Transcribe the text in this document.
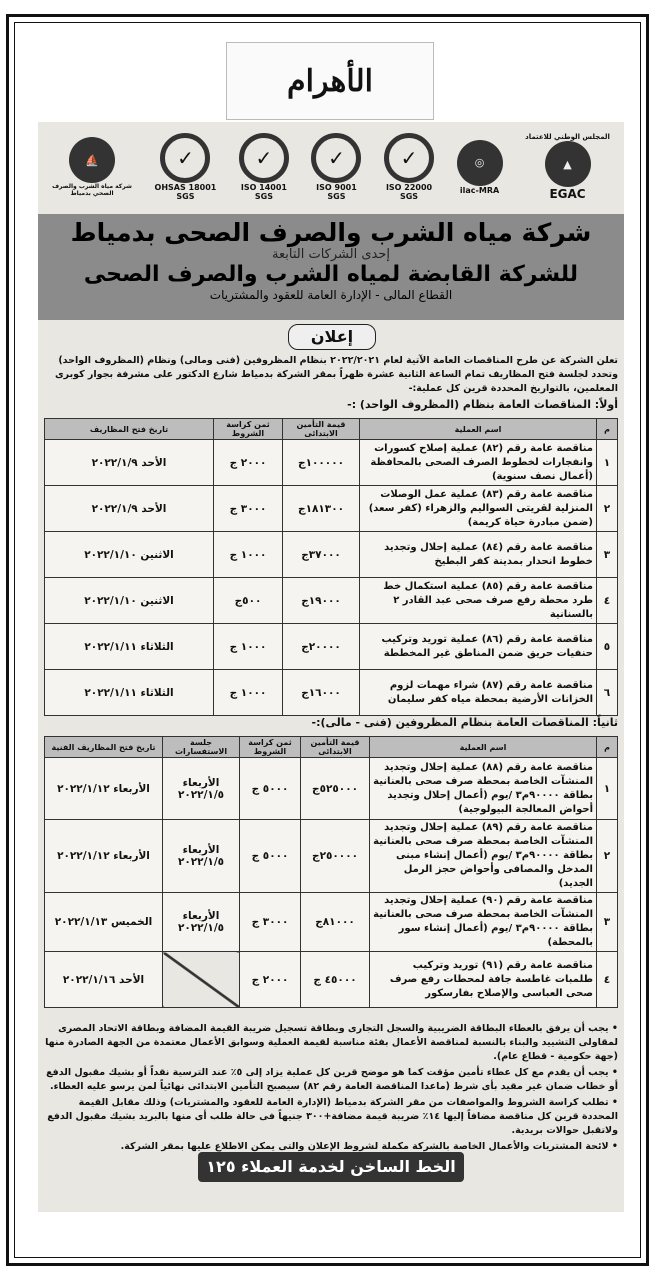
الأهرام
⛵
شركة مياه الشرب والصرف الصحي بدمياط
✓
OHSAS 18001
SGS
✓
ISO 14001
SGS
✓
ISO 9001
SGS
✓
ISO 22000
SGS
◎
ilac-MRA
المجلس الوطني للاعتماد
▲
EGAC
شركة مياه الشرب والصرف الصحى بدمياط
إحدى الشركات التابعة
للشركة القابضة لمياه الشرب والصرف الصحى
القطاع المالى - الإدارة العامة للعقود والمشتريات
إعلان
تعلن الشركة عن طرح المناقصات العامة الآتية لعام ٢٠٢٢/٢٠٢١ بنظام المظروفين (فنى ومالى) ونظام (المظروف الواحد) وتحدد لجلسة فتح المظاريف تمام الساعة الثانية عشرة ظهراً بمقر الشركة بدمياط شارع الدكتور على مشرفة بجوار كوبرى المعلمين، بالتواريخ المحددة قرين كل عملية:-
أولاً: المناقصات العامة بنظام (المظروف الواحد) :-
م	اسم العملية	قيمة التأمين الابتدائى	ثمن كراسة الشروط	تاريخ فتح المظاريف
١	مناقصة عامة رقم (٨٢) عملية إصلاح كسورات وانفجارات لخطوط الصرف الصحى بالمحافظة (أعمال نصف سنوية)	١٠٠٠٠٠ج	٢٠٠٠ ج	الأحد ٢٠٢٢/١/٩
٢	مناقصة عامة رقم (٨٣) عملية عمل الوصلات المنزلية لقريتى السواليم والزهراء (كفر سعد) (ضمن مبادرة حياة كريمة)	١٨١٣٠٠ج	٣٠٠٠ ج	الأحد ٢٠٢٢/١/٩
٣	مناقصة عامة رقم (٨٤) عملية إحلال وتجديد خطوط انحدار بمدينة كفر البطيخ	٣٧٠٠٠ج	١٠٠٠ ج	الاثنين ٢٠٢٢/١/١٠
٤	مناقصة عامة رقم (٨٥) عملية استكمال خط طرد محطة رفع صرف صحى عبد القادر ٢ بالسنانية	١٩٠٠٠ج	٥٠٠ج	الاثنين ٢٠٢٢/١/١٠
٥	مناقصة عامة رقم (٨٦) عملية توريد وتركيب حنفيات حريق ضمن المناطق غير المخططة	٢٠٠٠٠ج	١٠٠٠ ج	الثلاثاء ٢٠٢٢/١/١١
٦	مناقصة عامة رقم (٨٧) شراء مهمات لزوم الخزانات الأرضية بمحطة مياه كفر سليمان	١٦٠٠٠ج	١٠٠٠ ج	الثلاثاء ٢٠٢٢/١/١١
ثانياً: المناقصات العامة بنظام المظروفين (فنى - مالى):-
م	اسم العملية	قيمة التأمين الابتدائى	ثمن كراسة الشروط	جلسة الاستفسارات	تاريخ فتح المظاريف الفنية
١	مناقصة عامة رقم (٨٨) عملية إحلال وتجديد المنشآت الخاصة بمحطة صرف صحى بالعنانية بطاقة ٩٠٠٠٠م٣ /يوم (أعمال إحلال وتجديد أحواض المعالجة البيولوجية)	٥٢٥٠٠٠ج	٥٠٠٠ ج	الأربعاء ٢٠٢٢/١/٥	الأربعاء ٢٠٢٢/١/١٢
٢	مناقصة عامة رقم (٨٩) عملية إحلال وتجديد المنشآت الخاصة بمحطة صرف صحى بالعنانية بطاقة ٩٠٠٠٠م٣ /يوم (أعمال إنشاء مبنى المدخل والمصافى وأحواض حجز الرمل الجديد)	٢٥٠٠٠٠ج	٥٠٠٠ ج	الأربعاء ٢٠٢٢/١/٥	الأربعاء ٢٠٢٢/١/١٢
٣	مناقصة عامة رقم (٩٠) عملية إحلال وتجديد المنشآت الخاصة بمحطة صرف صحى بالعنانية بطاقة ٩٠٠٠٠م٣ /يوم (أعمال إنشاء سور بالمحطة)	٨١٠٠٠ج	٣٠٠٠ ج	الأربعاء ٢٠٢٢/١/٥	الخميس ٢٠٢٢/١/١٣
٤	مناقصة عامة رقم (٩١) توريد وتركيب طلمبات غاطسة جافة لمحطات رفع صرف صحى العباسى والإصلاح بفارسكور	٤٥٠٠٠ ج	٢٠٠٠ ج		الأحد ٢٠٢٢/١/١٦

• يجب أن يرفق بالعطاء البطاقة الضريبية والسجل التجارى وبطاقة تسجيل ضريبة القيمة المضافة وبطاقة الاتحاد المصرى لمقاولى التشييد والبناء بالنسبة لمناقصة الأعمال بفئة مناسبة لقيمة العملية وسوابق الأعمال معتمدة من الجهة الصادرة منها (جهة حكومية - قطاع عام).

• يجب أن يقدم مع كل عطاء تأمين مؤقت كما هو موضح قرين كل عملية يزاد إلى ٥٪ عند الترسية نقداً أو بشيك مقبول الدفع أو خطاب ضمان غير مقيد بأى شرط (ماعدا المناقصة العامة رقم ٨٢) سيصبح التأمين الابتدائى نهائياً لمن يرسو عليه العطاء.

• تطلب كراسة الشروط والمواصفات من مقر الشركة بدمياط (الإدارة العامة للعقود والمشتريات) وذلك مقابل القيمة المحددة قرين كل مناقصة مضافاً إليها ١٤٪ ضريبة قيمة مضافة+٣٠٠ جنيهاً فى حالة طلب أى منها بالبريد بشيك مقبول الدفع ولاتقبل حوالات بريدية.

• لائحة المشتريات والأعمال الخاصة بالشركة مكملة لشروط الإعلان والتى يمكن الاطلاع عليها بمقر الشركة.

الخط الساخن لخدمة العملاء ١٢٥
